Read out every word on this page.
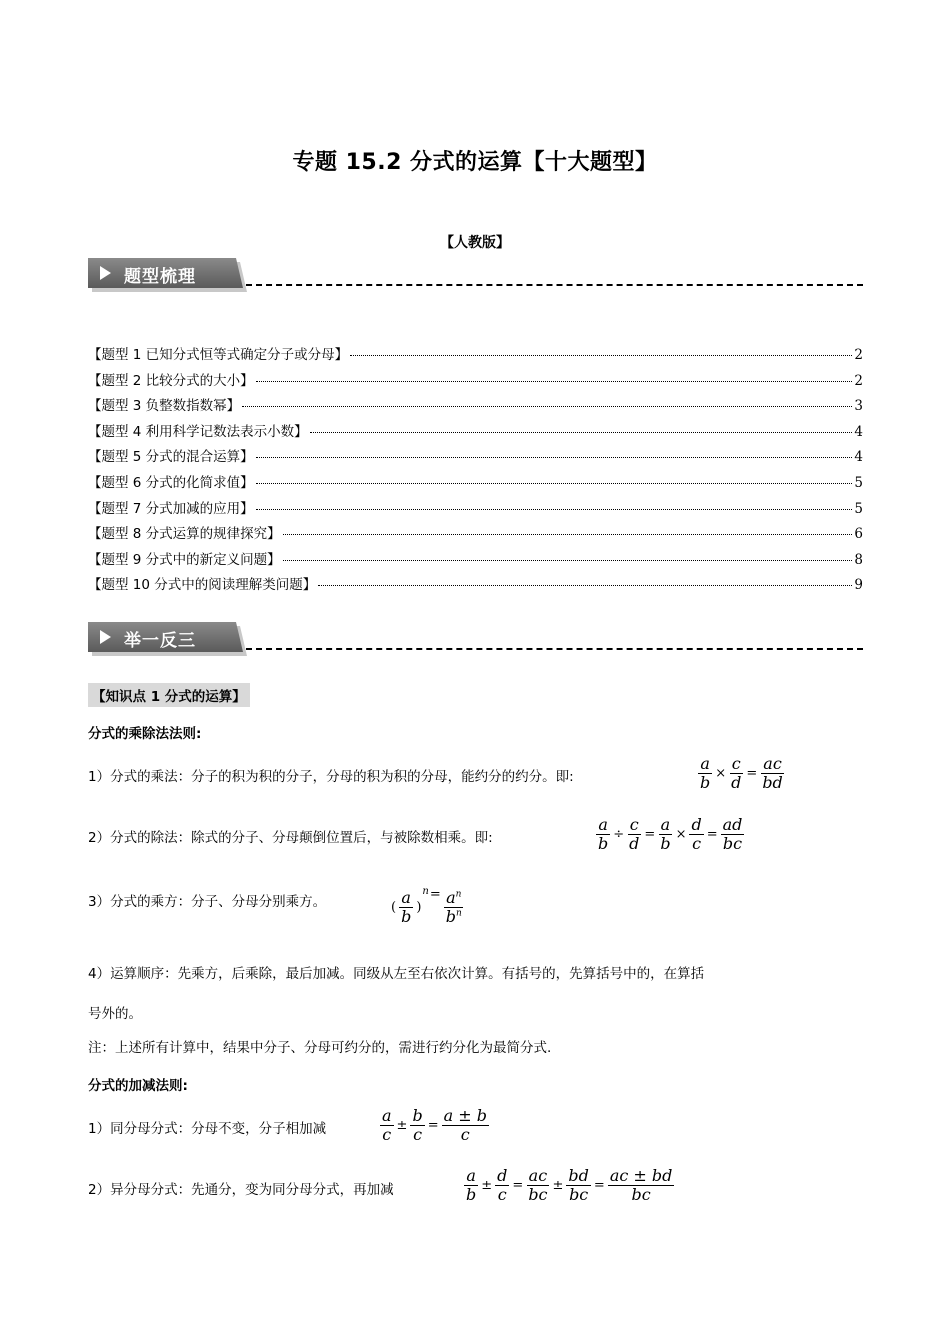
专题 15.2 分式的运算【十大题型】
【人教版】
题型梳理
【题型 1 已知分式恒等式确定分子或分母】	2
【题型 2 比较分式的大小】	2
【题型 3 负整数指数幂】	3
【题型 4 利用科学记数法表示小数】	4
【题型 5 分式的混合运算】	4
【题型 6 分式的化简求值】	5
【题型 7 分式加减的应用】	5
【题型 8 分式运算的规律探究】	6
【题型 9 分式中的新定义问题】	8
【题型 10 分式中的阅读理解类问题】	9
举一反三
【知识点 1 分式的运算】
分式的乘除法法则:
1）分式的乘法：分子的积为积的分子，分母的积为积的分母，能约分的约分。即:	$\frac{a}{b} \times \frac{c}{d} = \frac{ac}{bd}$
2）分式的除法：除式的分子、分母颠倒位置后，与被除数相乘。即:	$\frac{a}{b} \div \frac{c}{d} = \frac{a}{b} \times \frac{d}{c} = \frac{ad}{bc}$
3）分式的乘方：分子、分母分别乘方。	( $\frac{a}{b} )^{n=} \frac{a^n}{b^n}$
4）运算顺序：先乘方，后乘除，最后加减。同级从左至右依次计算。有括号的，先算括号中的，在算括
号外的。
注：上述所有计算中，结果中分子、分母可约分的，需进行约分化为最简分式.
分式的加减法则:
1）同分母分式：分母不变，分子相加减	$\frac{a}{c} \pm \frac{b}{c} = \frac{a \pm b}{c}$
2）异分母分式：先通分，变为同分母分式，再加减	$\frac{a}{b} \pm \frac{d}{c} = \frac{ac}{bc} \pm \frac{bd}{bc} = \frac{ac \pm bd}{bc}$
